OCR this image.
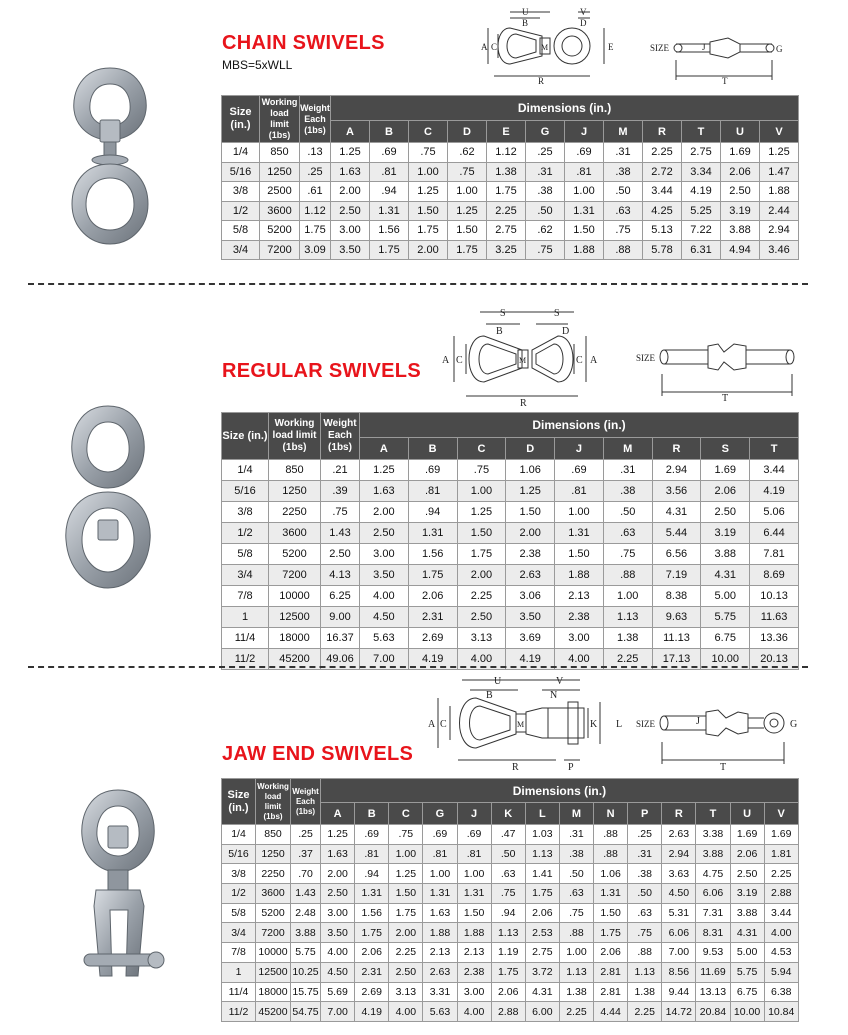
CHAIN SWIVELS
MBS=5xWLL
U	V
B	D
A C	M	E
R
SIZE	J	G
T
Size (in.)	Working load limit (1bs)	Weight Each (1bs)	Dimensions (in.)											
			A	B	C	D	E	G	J	M	R	T	U	V
1/4	850	.13	1.25	.69	.75	.62	1.12	.25	.69	.31	2.25	2.75	1.69	1.25
5/16	1250	.25	1.63	.81	1.00	.75	1.38	.31	.81	.38	2.72	3.34	2.06	1.47
3/8	2500	.61	2.00	.94	1.25	1.00	1.75	.38	1.00	.50	3.44	4.19	2.50	1.88
1/2	3600	1.12	2.50	1.31	1.50	1.25	2.25	.50	1.31	.63	4.25	5.25	3.19	2.44
5/8	5200	1.75	3.00	1.56	1.75	1.50	2.75	.62	1.50	.75	5.13	7.22	3.88	2.94
3/4	7200	3.09	3.50	1.75	2.00	1.75	3.25	.75	1.88	.88	5.78	6.31	4.94	3.46
REGULAR SWIVELS
S	S
B	D
A C	M	C A
R
SIZE
T
Size (in.)	Working load limit (1bs)	Weight Each (1bs)	Dimensions (in.)								
			A	B	C	D	J	M	R	S	T
1/4	850	.21	1.25	.69	.75	1.06	.69	.31	2.94	1.69	3.44
5/16	1250	.39	1.63	.81	1.00	1.25	.81	.38	3.56	2.06	4.19
3/8	2250	.75	2.00	.94	1.25	1.50	1.00	.50	4.31	2.50	5.06
1/2	3600	1.43	2.50	1.31	1.50	2.00	1.31	.63	5.44	3.19	6.44
5/8	5200	2.50	3.00	1.56	1.75	2.38	1.50	.75	6.56	3.88	7.81
3/4	7200	4.13	3.50	1.75	2.00	2.63	1.88	.88	7.19	4.31	8.69
7/8	10000	6.25	4.00	2.06	2.25	3.06	2.13	1.00	8.38	5.00	10.13
1	12500	9.00	4.50	2.31	2.50	3.50	2.38	1.13	9.63	5.75	11.63
11/4	18000	16.37	5.63	2.69	3.13	3.69	3.00	1.38	11.13	6.75	13.36
11/2	45200	49.06	7.00	4.19	4.00	4.19	4.00	2.25	17.13	10.00	20.13
JAW END SWIVELS
U	V
B	N
A C	M	K L
R	P
SIZE	J	G
T
Size (in.)	Working load limit (1bs)	Weight Each (1bs)	Dimensions (in.)													
			A	B	C	G	J	K	L	M	N	P	R	T	U	V
1/4	850	.25	1.25	.69	.75	.69	.69	.47	1.03	.31	.88	.25	2.63	3.38	1.69	1.69
5/16	1250	.37	1.63	.81	1.00	.81	.81	.50	1.13	.38	.88	.31	2.94	3.88	2.06	1.81
3/8	2250	.70	2.00	.94	1.25	1.00	1.00	.63	1.41	.50	1.06	.38	3.63	4.75	2.50	2.25
1/2	3600	1.43	2.50	1.31	1.50	1.31	1.31	.75	1.75	.63	1.31	.50	4.50	6.06	3.19	2.88
5/8	5200	2.48	3.00	1.56	1.75	1.63	1.50	.94	2.06	.75	1.50	.63	5.31	7.31	3.88	3.44
3/4	7200	3.88	3.50	1.75	2.00	1.88	1.88	1.13	2.53	.88	1.75	.75	6.06	8.31	4.31	4.00
7/8	10000	5.75	4.00	2.06	2.25	2.13	2.13	1.19	2.75	1.00	2.06	.88	7.00	9.53	5.00	4.53
1	12500	10.25	4.50	2.31	2.50	2.63	2.38	1.75	3.72	1.13	2.81	1.13	8.56	11.69	5.75	5.94
11/4	18000	15.75	5.69	2.69	3.13	3.31	3.00	2.06	4.31	1.38	2.81	1.38	9.44	13.13	6.75	6.38
11/2	45200	54.75	7.00	4.19	4.00	5.63	4.00	2.88	6.00	2.25	4.44	2.25	14.72	20.84	10.00	10.84
